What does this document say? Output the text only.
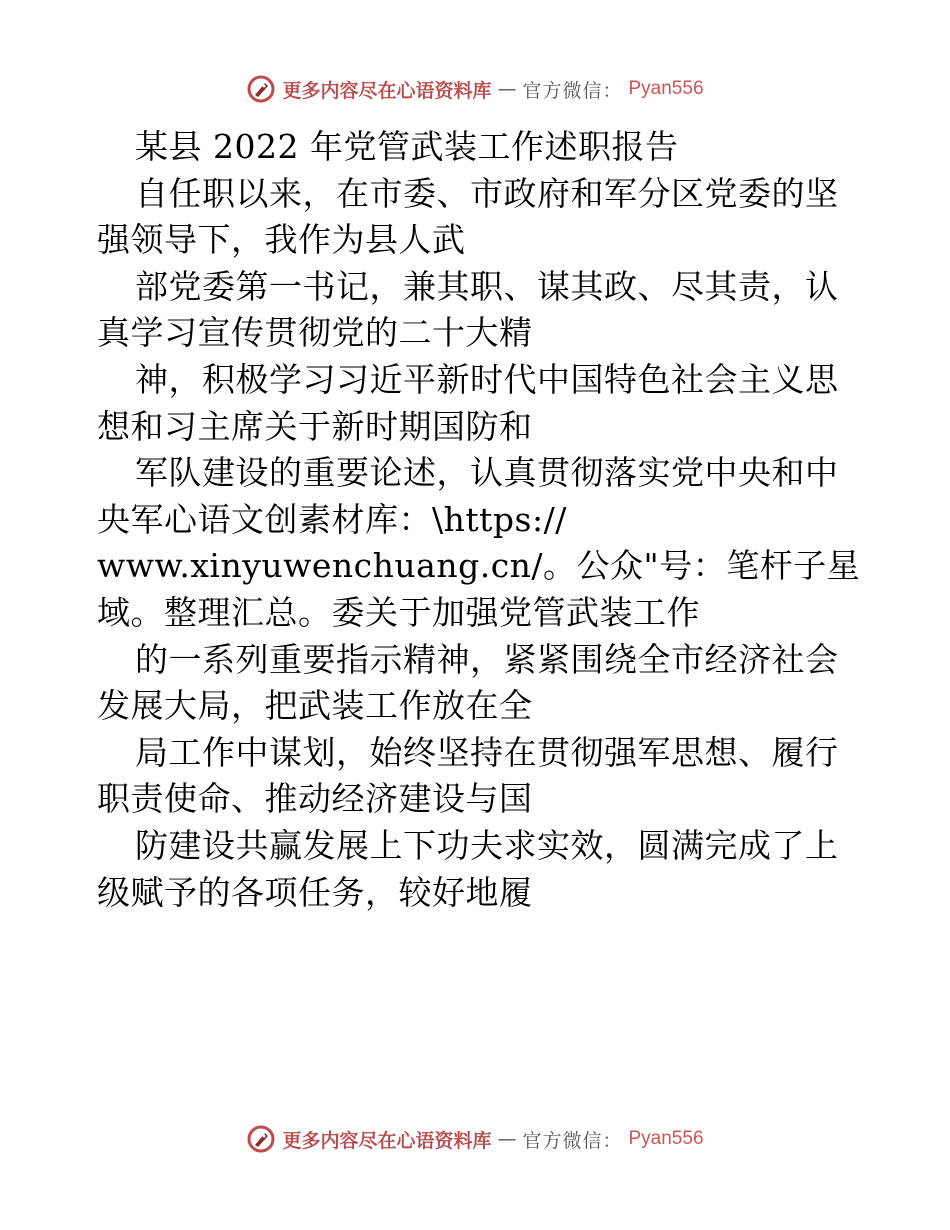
更多内容尽在心语资料库 — 官方微信： Pyan556
某县 2022 年党管武装工作述职报告
自任职以来，在市委、市政府和军分区党委的坚
强领导下，我作为县人武
部党委第一书记，兼其职、谋其政、尽其责，认
真学习宣传贯彻党的二十大精
神，积极学习习近平新时代中国特色社会主义思
想和习主席关于新时期国防和
军队建设的重要论述，认真贯彻落实党中央和中
央军心语文创素材库：\https://
www.xinyuwenchuang.cn/。公众"号：笔杆子星
域。整理汇总。委关于加强党管武装工作
的一系列重要指示精神，紧紧围绕全市经济社会
发展大局，把武装工作放在全
局工作中谋划，始终坚持在贯彻强军思想、履行
职责使命、推动经济建设与国
防建设共赢发展上下功夫求实效，圆满完成了上
级赋予的各项任务，较好地履
更多内容尽在心语资料库 — 官方微信： Pyan556
